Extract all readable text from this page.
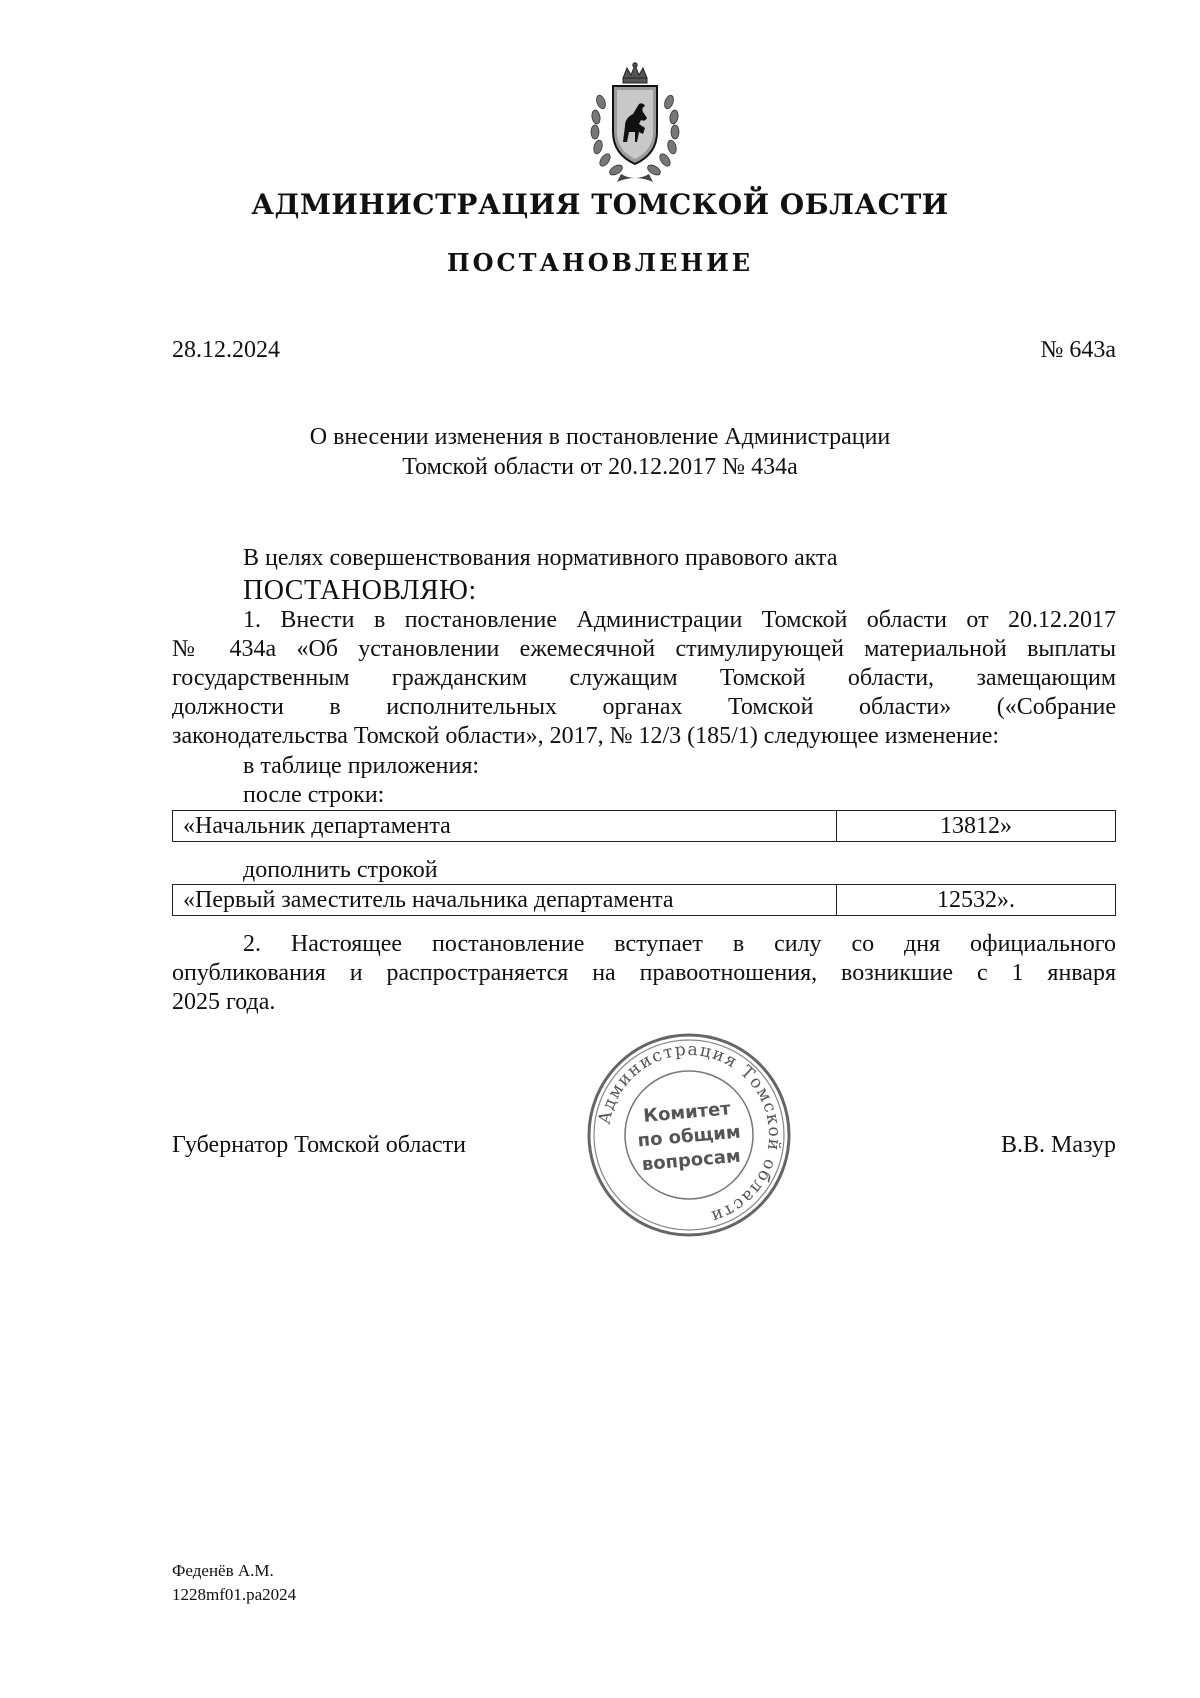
АДМИНИСТРАЦИЯ ТОМСКОЙ ОБЛАСТИ
ПОСТАНОВЛЕНИЕ
28.12.2024	№ 643а
О внесении изменения в постановление Администрации
Томской области от 20.12.2017 № 434а
В целях совершенствования нормативного правового акта
ПОСТАНОВЛЯЮ:
1. Внести в постановление Администрации Томской области от 20.12.2017
№ 434а «Об установлении ежемесячной стимулирующей материальной выплаты
государственным гражданским служащим Томской области, замещающим
должности в исполнительных органах Томской области» («Собрание
законодательства Томской области», 2017, № 12/3 (185/1) следующее изменение:
в таблице приложения:
после строки:
«Начальник департамента	13812»
дополнить строкой
«Первый заместитель начальника департамента	12532».
2. Настоящее постановление вступает в силу со дня официального
опубликования и распространяется на правоотношения, возникшие с 1 января
2025 года.
Губернатор Томской области	В.В. Мазур
Администрация Томской области
Комитет
по общим
вопросам
Феденёв А.М.
1228mf01.pa2024
